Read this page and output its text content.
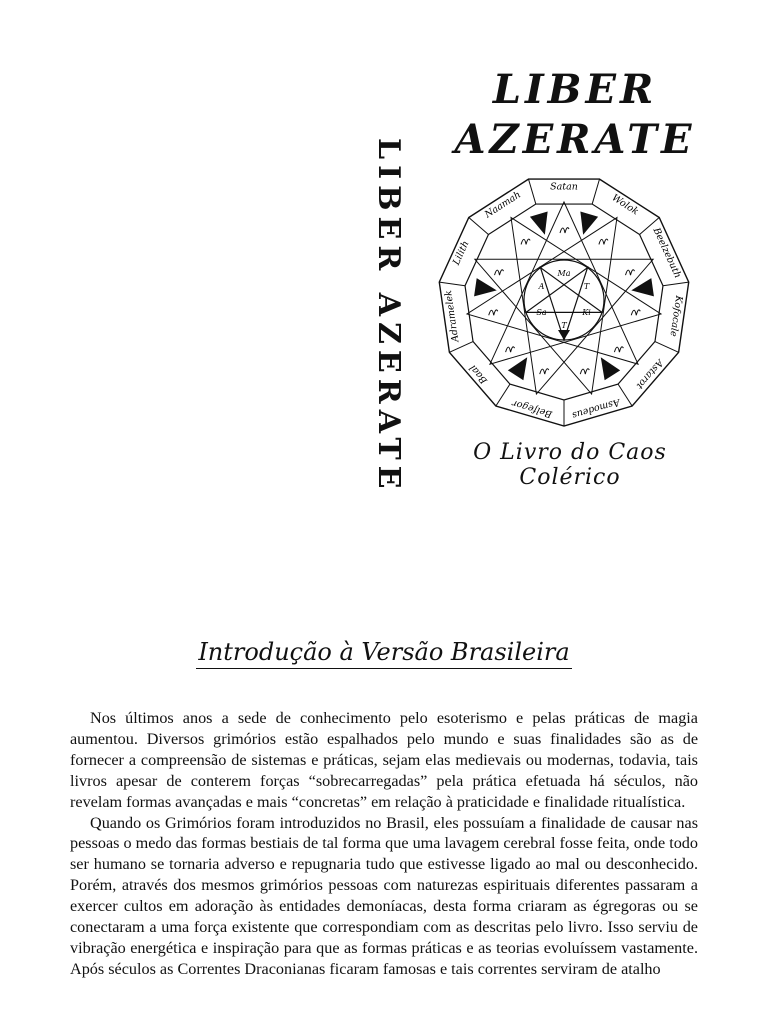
LIBER AZERATE
LIBER
AZERATE
Satan
Wolok
Beelzebuth
Kofocale
Astarot
Asmodeus
Belfegor
Baal
Adramelek
Lilith
Naamah
Ma
T
Ki
T
Sa
A
O Livro do Caos Colérico
Introdução à Versão Brasileira

Nos últimos anos a sede de conhecimento pelo esoterismo e pelas práticas de magia aumentou. Diversos grimórios estão espalhados pelo mundo e suas finalidades são as de fornecer a compreensão de sistemas e práticas, sejam elas medievais ou modernas, todavia, tais livros apesar de conterem forças “sobrecarregadas” pela prática efetuada há séculos, não revelam formas avançadas e mais “concretas” em relação à praticidade e finalidade ritualística.

Quando os Grimórios foram introduzidos no Brasil, eles possuíam a finalidade de causar nas pessoas o medo das formas bestiais de tal forma que uma lavagem cerebral fosse feita, onde todo ser humano se tornaria adverso e repugnaria tudo que estivesse ligado ao mal ou desconhecido. Porém, através dos mesmos grimórios pessoas com naturezas espirituais diferentes passaram a exercer cultos em adoração às entidades demoníacas, desta forma criaram as égregoras ou se conectaram a uma força existente que correspondiam com as descritas pelo livro. Isso serviu de vibração energética e inspiração para que as formas práticas e as teorias evoluíssem vastamente. Após séculos as Correntes Draconianas ficaram famosas e tais correntes serviram de atalho
